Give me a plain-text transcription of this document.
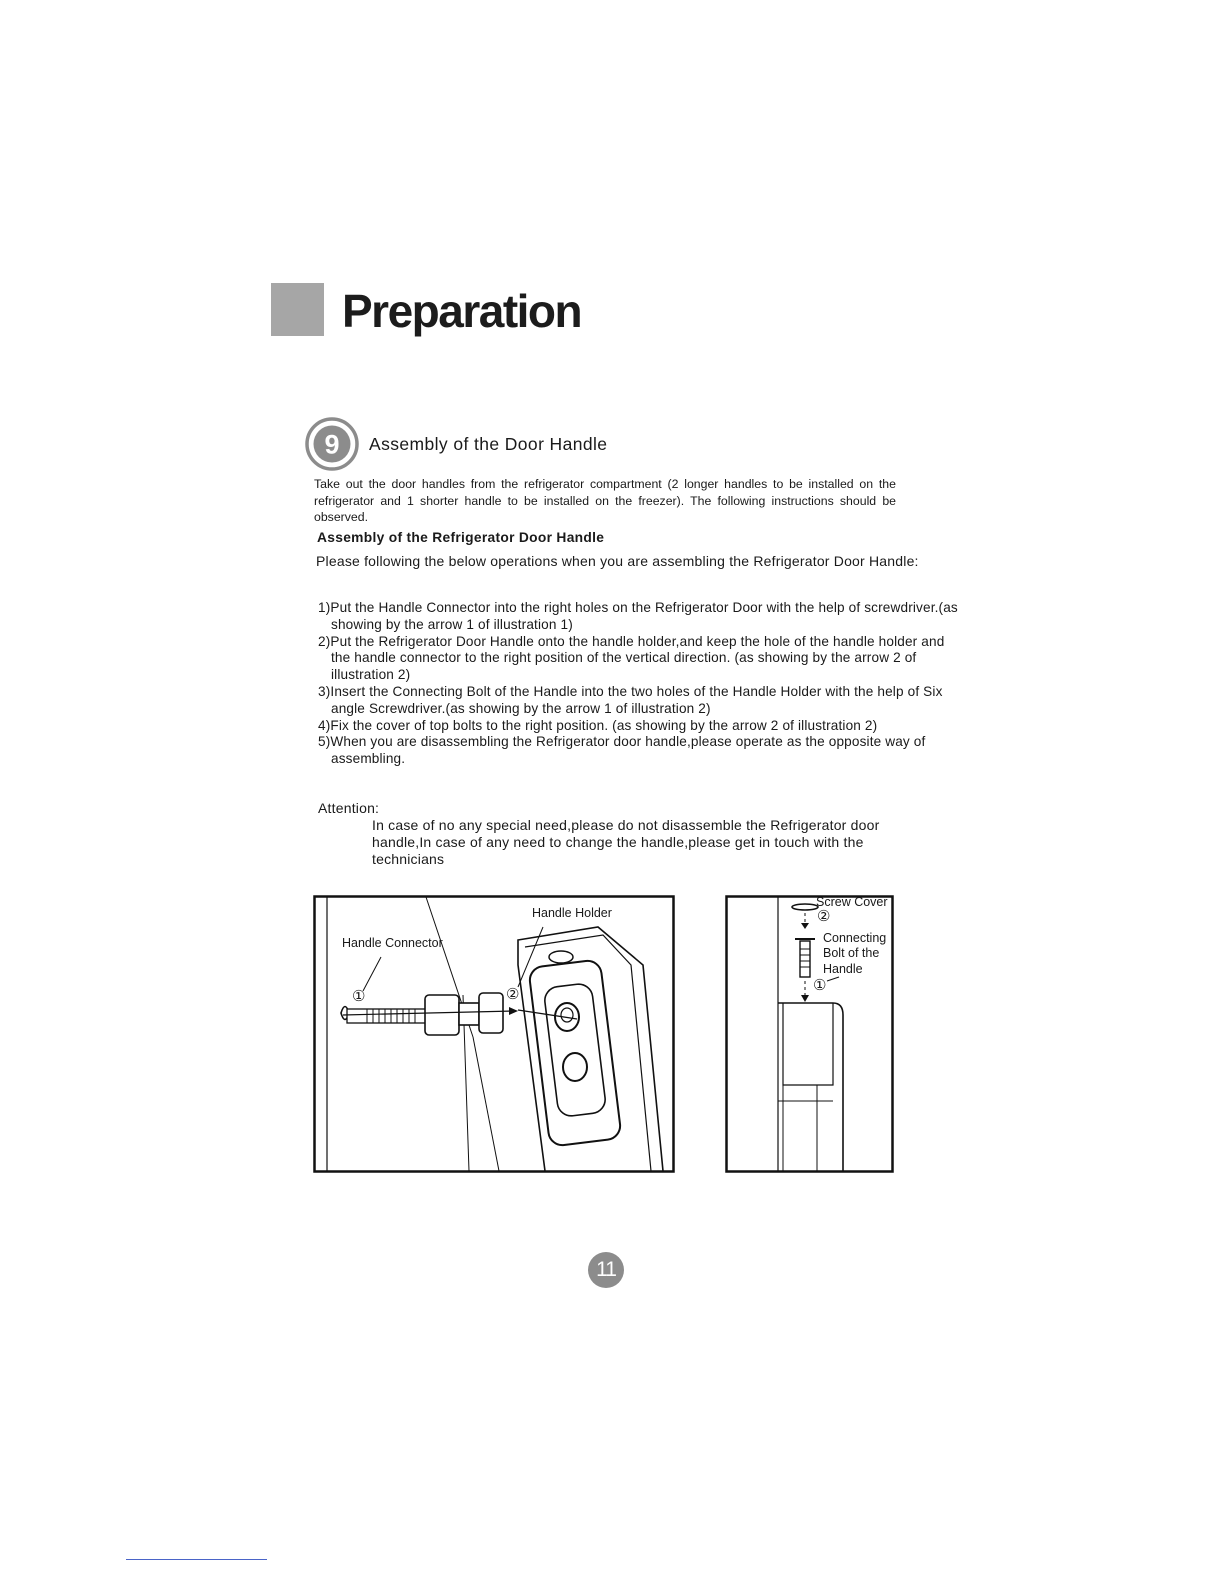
Preparation
9 Assembly of the Door Handle
Take out the door handles from the refrigerator compartment (2 longer handles to be installed on the refrigerator and 1 shorter handle to be installed on the freezer). The following instructions should be observed.
Assembly of the Refrigerator Door Handle
Please following the below operations when you are assembling the Refrigerator Door Handle:
1)Put the Handle Connector into the right holes on the Refrigerator Door with the help of screwdriver.(as showing by the arrow 1 of illustration 1)
2)Put the Refrigerator Door Handle onto the handle holder,and keep the hole of the handle holder and the handle connector to the right position of the vertical direction. (as showing by the arrow 2 of illustration 2)
3)Insert the Connecting Bolt of the Handle into the two holes of the Handle Holder with the help of Six angle Screwdriver.(as showing by the arrow 1 of illustration 2)
4)Fix the cover of top bolts to the right position. (as showing by the arrow 2 of illustration 2)
5)When you are disassembling the Refrigerator door handle,please operate as the opposite way of assembling.
Attention:
In case of no any special need,please do not disassemble the Refrigerator door handle,In case of any need to change the handle,please get in touch with the technicians
Handle Holder
Handle Connector
①	②
Screw Cover
②
Connecting
Bolt of the
Handle
①
11
